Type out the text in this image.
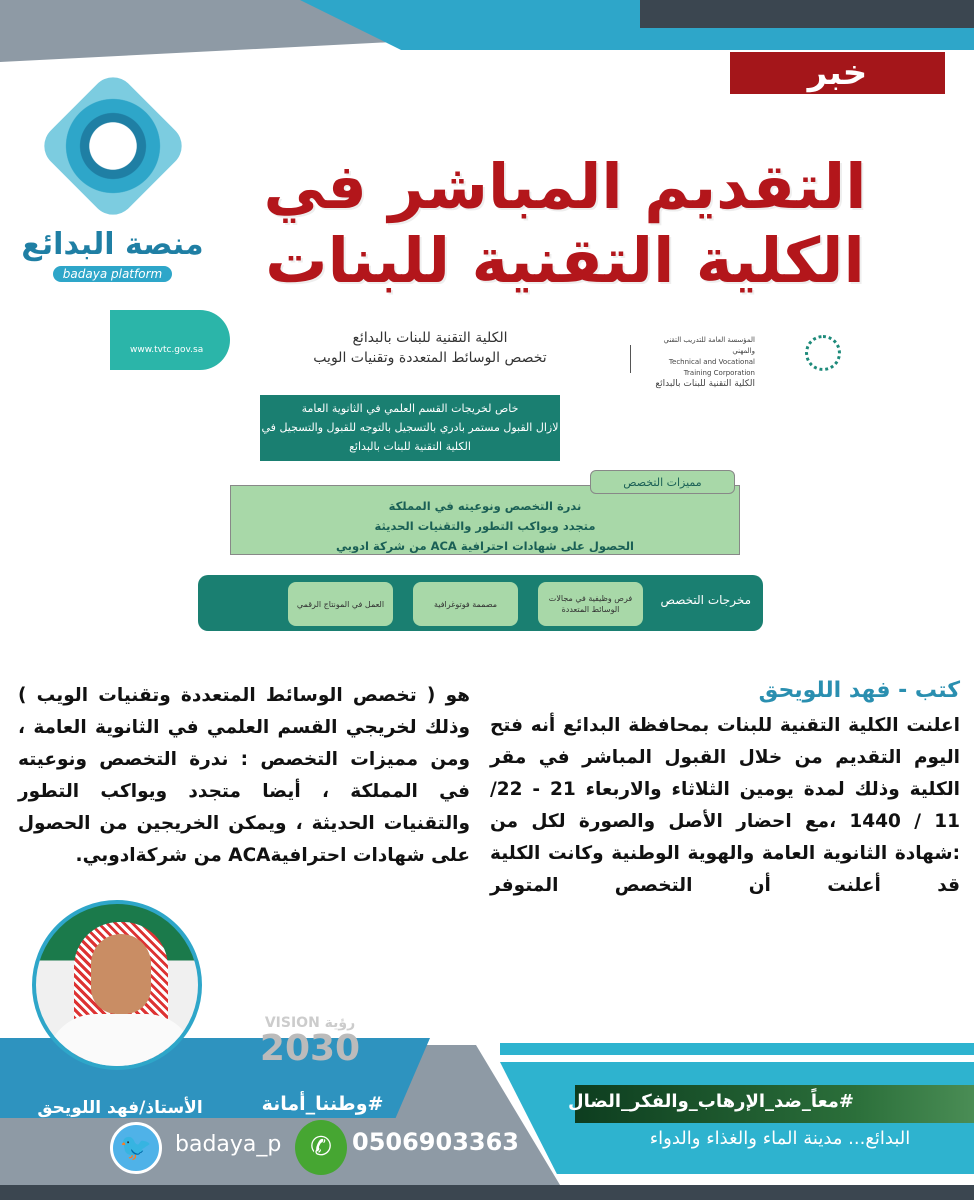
خبر
منصة البدائع
badaya platform
التقديم المباشر في
الكلية التقنية للبنات
www.tvtc.gov.sa
الكلية التقنية للبنات بالبدائع
تخصص الوسائط المتعددة وتقنيات الويب
المؤسسة العامة للتدريب التقني والمهني
Technical and Vocational Training Corporation
الكلية التقنية للبنات بالبدائع
خاص لخريجات القسم العلمي في الثانوية العامة
لازال القبول مستمر بادري بالتسجيل بالتوجه للقبول والتسجيل في
الكلية التقنية للبنات بالبدائع
ندرة التخصص ونوعيته في المملكة
متجدد ويواكب التطور والتقنيات الحديثة
الحصول على شهادات احترافية ACA من شركة ادوبي
مميزات التخصص
مخرجات التخصص
فرص وظيفية في مجالات الوسائط المتعددة
مصممة فوتوغرافية
العمل في المونتاج الرقمي
كتب - فهد اللويحق
اعلنت الكلية التقنية للبنات بمحافظة البدائع أنه فتح اليوم التقديم من خلال القبول المباشر في مقر الكلية وذلك لمدة يومين الثلاثاء والاربعاء 21 - 22/ 11 / 1440 ،مع احضار الأصل والصورة لكل من :شهادة الثانوية العامة والهوية الوطنية وكانت الكلية قد أعلنت أن التخصص المتوفر
هو ( تخصص الوسائط المتعددة وتقنيات الويب ) وذلك لخريجي القسم العلمي في الثانوية العامة ، ومن مميزات التخصص : ندرة التخصص ونوعيته في المملكة ، أيضا متجدد ويواكب التطور والتقنيات الحديثة ، ويمكن الخريجين من الحصول على شهادات احترافيةACA من شركةادوبي.
الأستاذ/فهد اللويحق
VISION رؤية
2030
#وطننا_أمانة
🐦	badaya_p	✆ 0506903363
#معاً_ضد_الإرهاب_والفكر_الضال
البدائع... مدينة الماء والغذاء والدواء
